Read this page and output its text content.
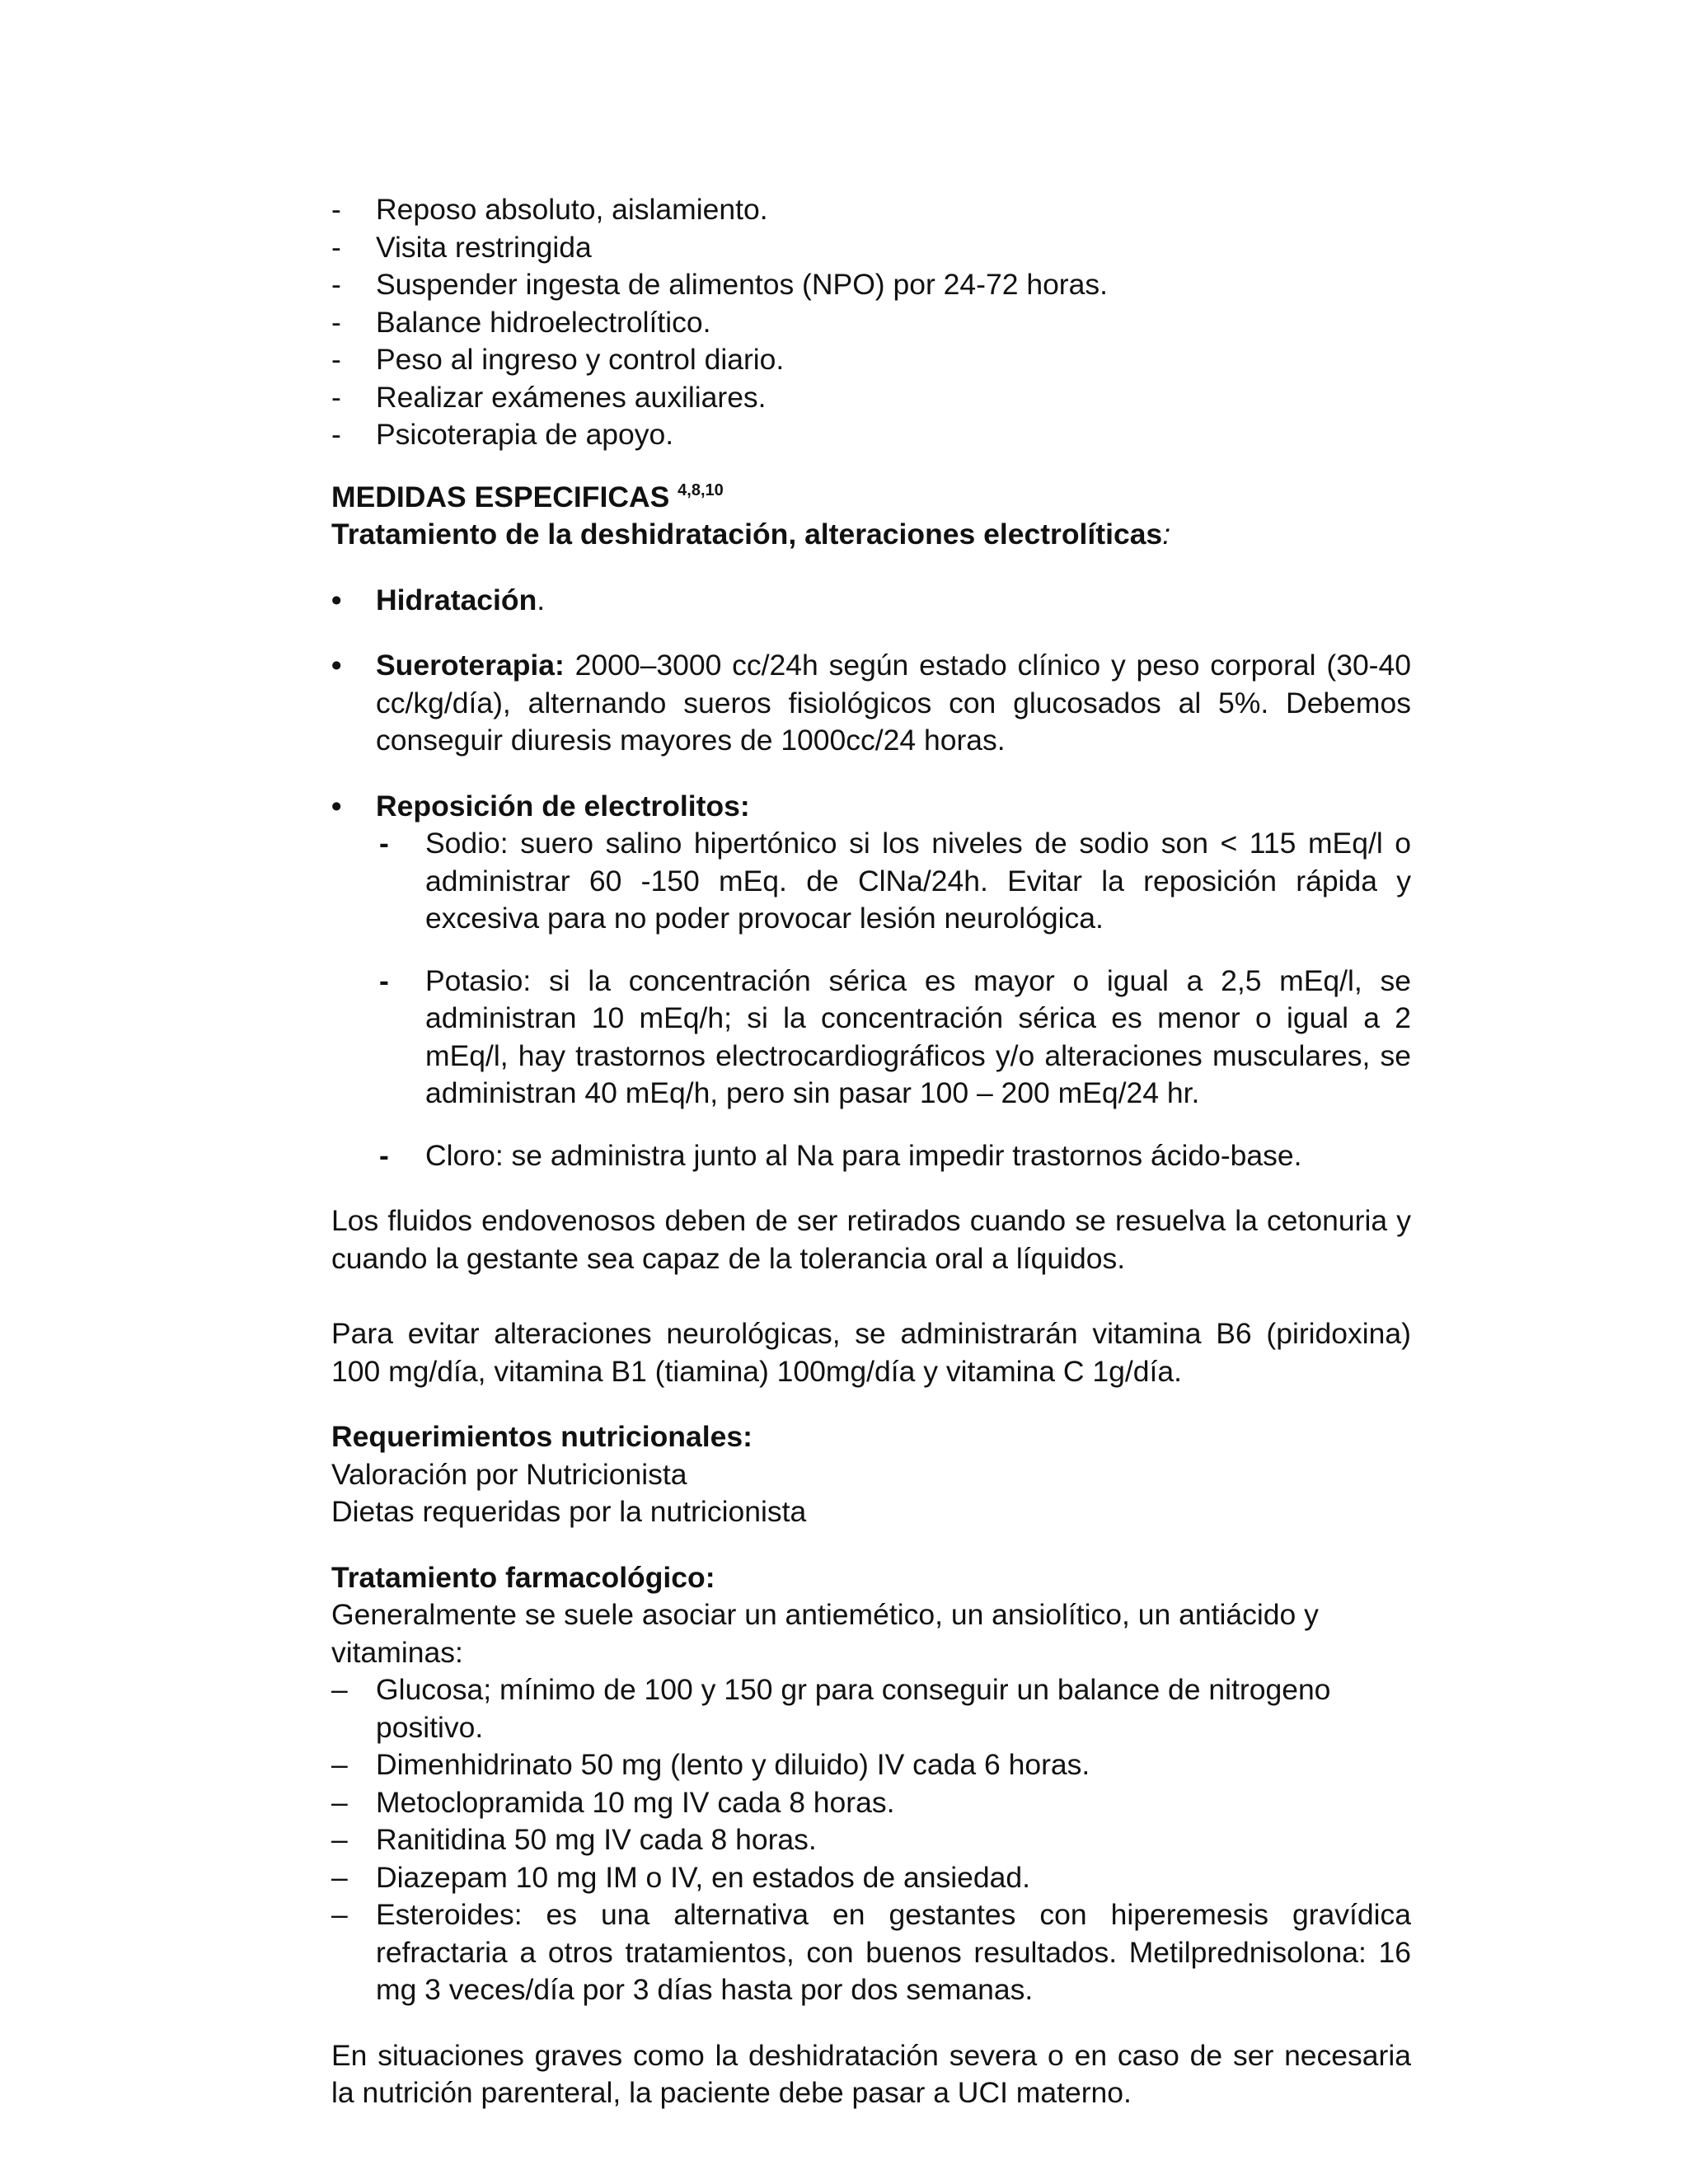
- Reposo absoluto, aislamiento.
- Visita restringida
- Suspender ingesta de alimentos (NPO) por 24-72 horas.
- Balance hidroelectrolítico.
- Peso al ingreso y control diario.
- Realizar exámenes auxiliares.
- Psicoterapia de apoyo.

MEDIDAS ESPECIFICAS $^{4,8,10}$

Tratamiento de la deshidratación, alteraciones electrolíticas:

• Hidratación.
• Sueroterapia: 2000–3000 cc/24h según estado clínico y peso corporal (30-40 cc/kg/día), alternando sueros fisiológicos con glucosados al 5%. Debemos conseguir diuresis mayores de 1000cc/24 horas.
• Reposición de electrolitos:
- Sodio: suero salino hipertónico si los niveles de sodio son < 115 mEq/l o administrar 60 -150 mEq. de ClNa/24h. Evitar la reposición rápida y excesiva para no poder provocar lesión neurológica.
- Potasio: si la concentración sérica es mayor o igual a 2,5 mEq/l, se administran 10 mEq/h; si la concentración sérica es menor o igual a 2 mEq/l, hay trastornos electrocardiográficos y/o alteraciones musculares, se administran 40 mEq/h, pero sin pasar 100 – 200 mEq/24 hr.
- Cloro: se administra junto al Na para impedir trastornos ácido-base.

Los fluidos endovenosos deben de ser retirados cuando se resuelva la cetonuria y cuando la gestante sea capaz de la tolerancia oral a líquidos.

Para evitar alteraciones neurológicas, se administrarán vitamina B6 (piridoxina) 100 mg/día, vitamina B1 (tiamina) 100mg/día y vitamina C 1g/día.

Requerimientos nutricionales:

Valoración por Nutricionista

Dietas requeridas por la nutricionista

Tratamiento farmacológico:

Generalmente se suele asociar un antiemético, un ansiolítico, un antiácido y vitaminas:

– Glucosa; mínimo de 100 y 150 gr para conseguir un balance de nitrogeno positivo.
– Dimenhidrinato 50 mg (lento y diluido) IV cada 6 horas.
– Metoclopramida 10 mg IV cada 8 horas.
– Ranitidina 50 mg IV cada 8 horas.
– Diazepam 10 mg IM o IV, en estados de ansiedad.
– Esteroides: es una alternativa en gestantes con hiperemesis gravídica refractaria a otros tratamientos, con buenos resultados. Metilprednisolona: 16 mg 3 veces/día por 3 días hasta por dos semanas.

En situaciones graves como la deshidratación severa o en caso de ser necesaria la nutrición parenteral, la paciente debe pasar a UCI materno.
